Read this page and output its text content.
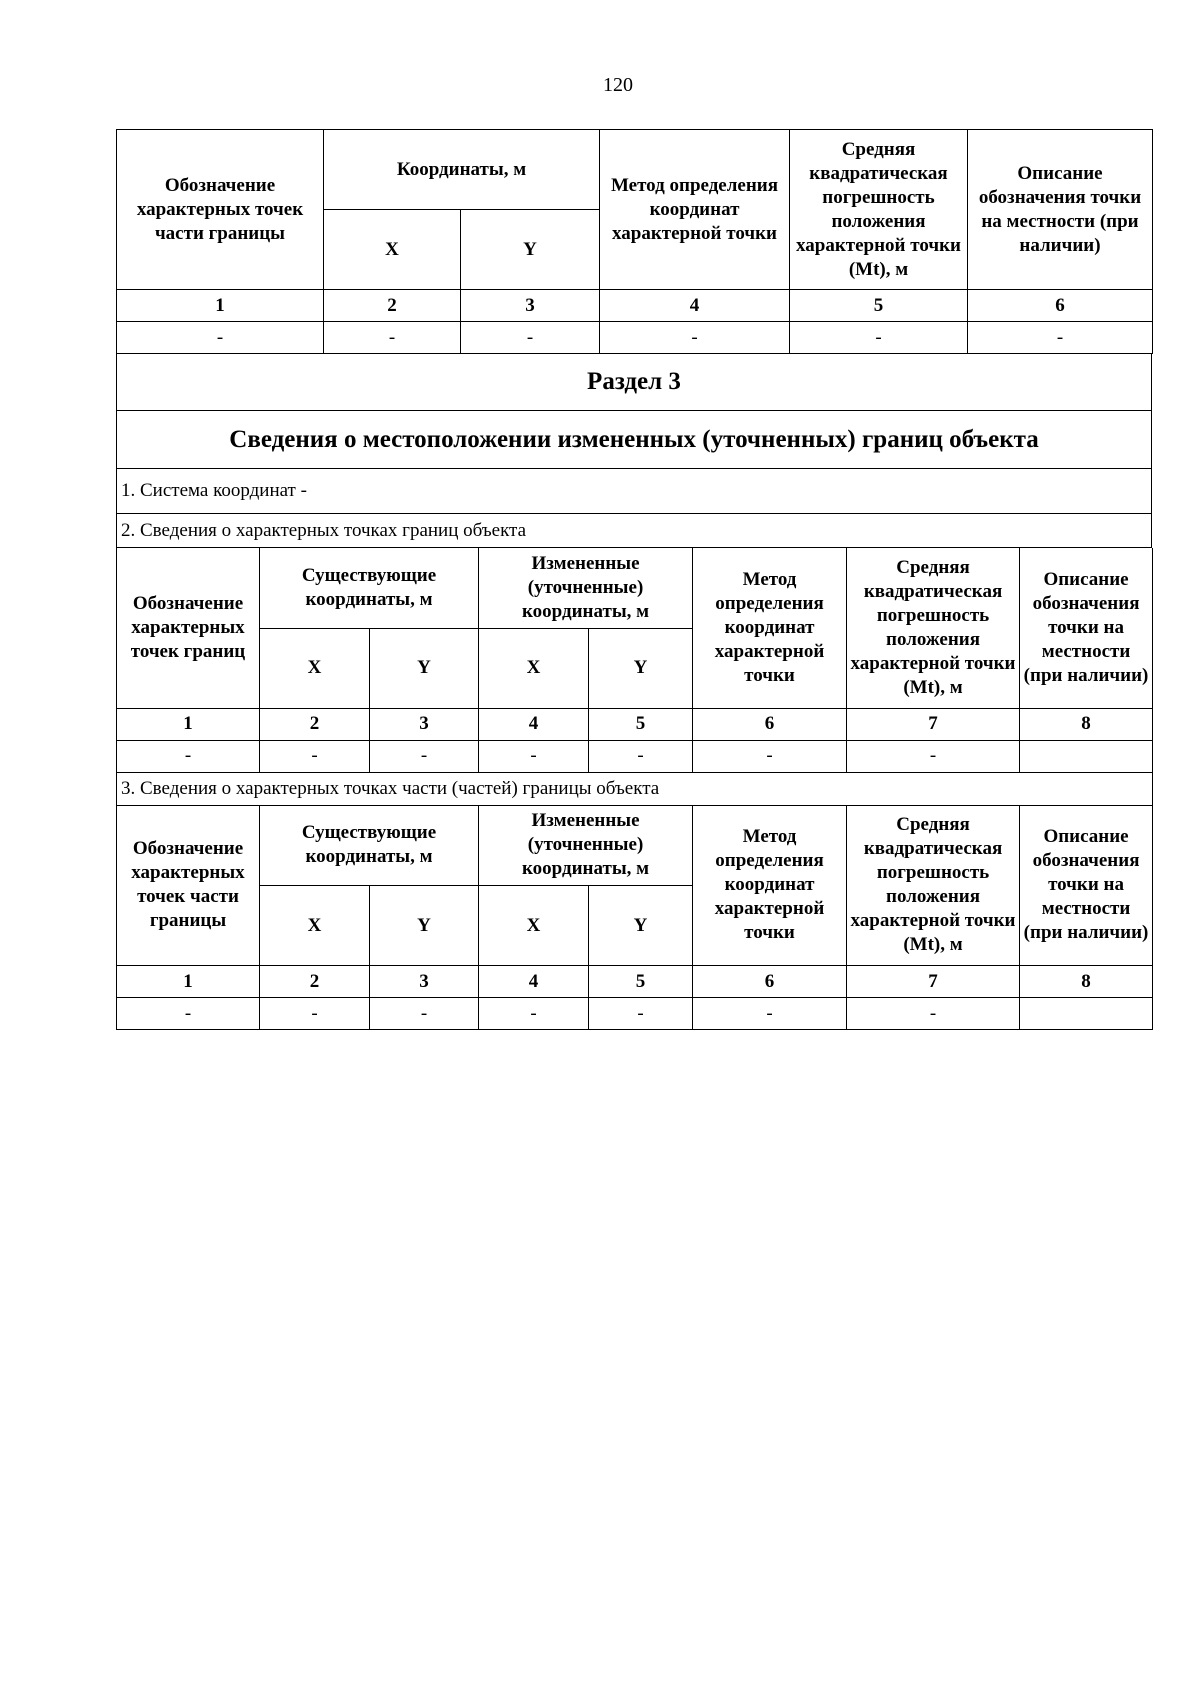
120
Обозначение характерных точек части границы	Координаты, м		Метод определения координат характерной точки	Средняя квадратическая погрешность положения характерной точки (Mt), м	Описание обозначения точки на местности (при наличии)
	X	Y			
1	2	3	4	5	6
-	-	-	-	-	-
Раздел 3
Сведения о местоположении измененных (уточненных) границ объекта
1. Система координат -
2. Сведения о характерных точках границ объекта
Обозначение характерных точек границ	Существующие координаты, м		Измененные (уточненные) координаты, м		Метод определения координат характерной точки	Средняя квадратическая погрешность положения характерной точки (Mt), м	Описание обозначения точки на местности (при наличии)
	X	Y	X	Y			
1	2	3	4	5	6	7	8
-	-	-	-	-	-	-	
3. Сведения о характерных точках части (частей) границы объекта							
Обозначение характерных точек части границы	Существующие координаты, м		Измененные (уточненные) координаты, м		Метод определения координат характерной точки	Средняя квадратическая погрешность положения характерной точки (Mt), м	Описание обозначения точки на местности (при наличии)
	X	Y	X	Y			
1	2	3	4	5	6	7	8
-	-	-	-	-	-	-	
